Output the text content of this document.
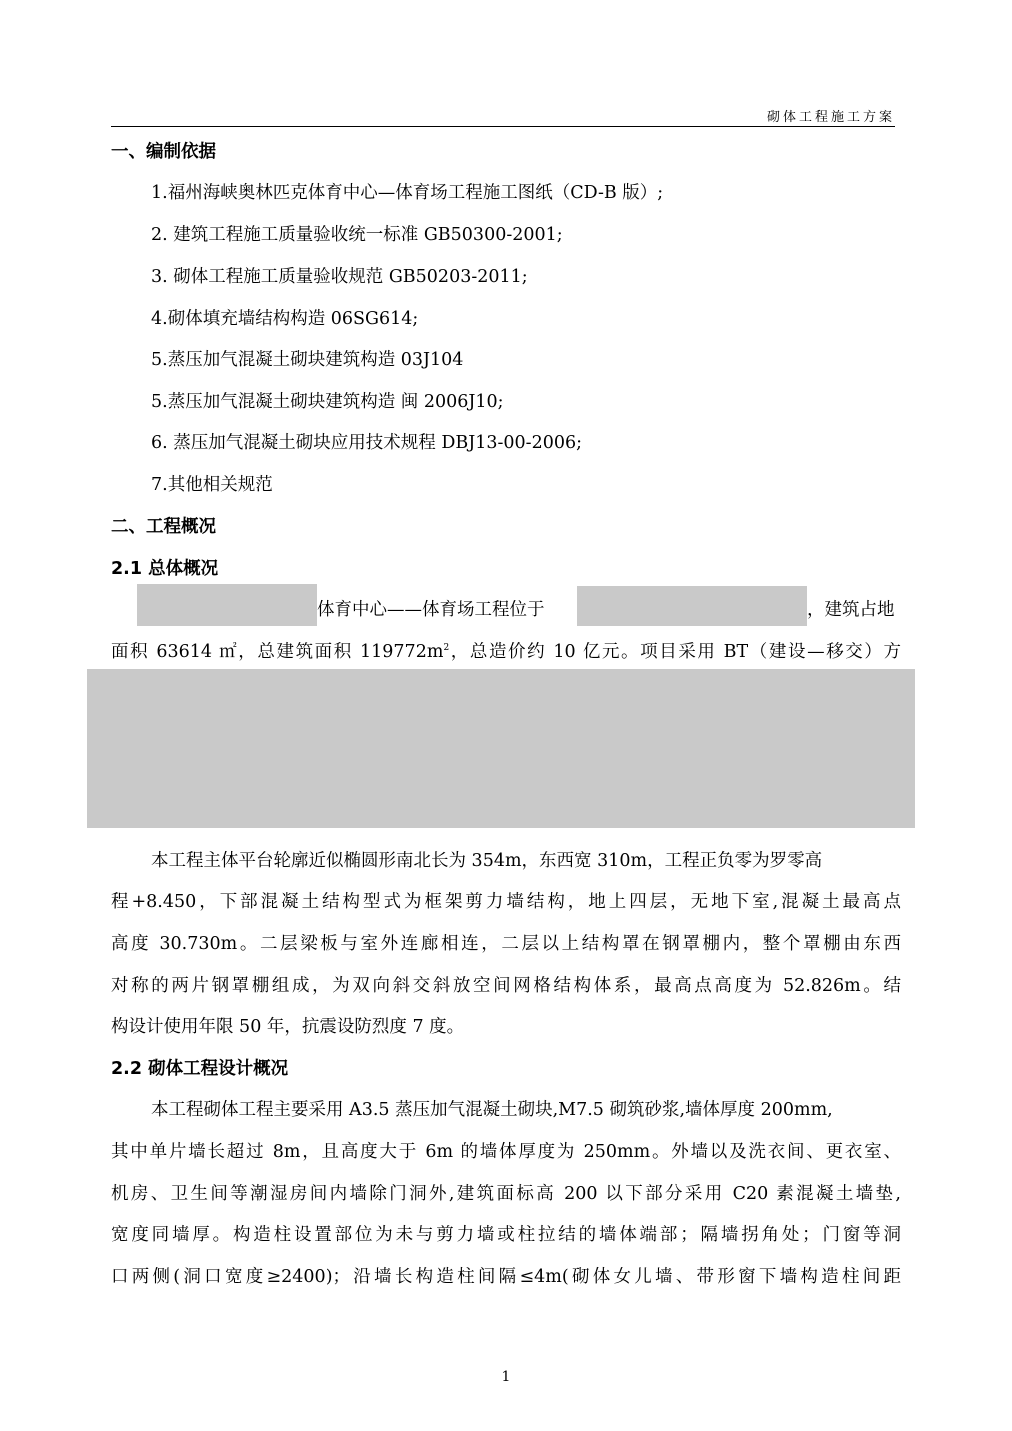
砌体工程施工方案
一、编制依据
1.福州海峡奥林匹克体育中心—体育场工程施工图纸（CD-B 版）;
2. 建筑工程施工质量验收统一标准 GB50300-2001;
3. 砌体工程施工质量验收规范 GB50203-2011;
4.砌体填充墙结构构造 06SG614;
5.蒸压加气混凝土砌块建筑构造 03J104
5.蒸压加气混凝土砌块建筑构造 闽 2006J10;
6. 蒸压加气混凝土砌块应用技术规程 DBJ13-00-2006;
7.其他相关规范
二、工程概况
2.1 总体概况
体育中心——体育场工程位于	，建筑占地
面积 63614 ㎡，总建筑面积 $119772m^2$，总造价约 10 亿元。项目采用 BT（建设—移交）方
本工程主体平台轮廓近似椭圆形南北长为 354m，东西宽 310m，工程正负零为罗零高
程+8.450，下部混凝土结构型式为框架剪力墙结构，地上四层，无地下室,混凝土最高点
高度 30.730m。二层梁板与室外连廊相连，二层以上结构罩在钢罩棚内，整个罩棚由东西
对称的两片钢罩棚组成，为双向斜交斜放空间网格结构体系，最高点高度为 52.826m。结
构设计使用年限 50 年，抗震设防烈度 7 度。
2.2 砌体工程设计概况
本工程砌体工程主要采用 A3.5 蒸压加气混凝土砌块,M7.5 砌筑砂浆,墙体厚度 200mm,
其中单片墙长超过 8m，且高度大于 6m 的墙体厚度为 250mm。外墙以及洗衣间、更衣室、
机房、卫生间等潮湿房间内墙除门洞外,建筑面标高 200 以下部分采用 C20 素混凝土墙垫,
宽度同墙厚。构造柱设置部位为未与剪力墙或柱拉结的墙体端部；隔墙拐角处；门窗等洞
口两侧(洞口宽度≥2400)；沿墙长构造柱间隔≤4m(砌体女儿墙、带形窗下墙构造柱间距
1
